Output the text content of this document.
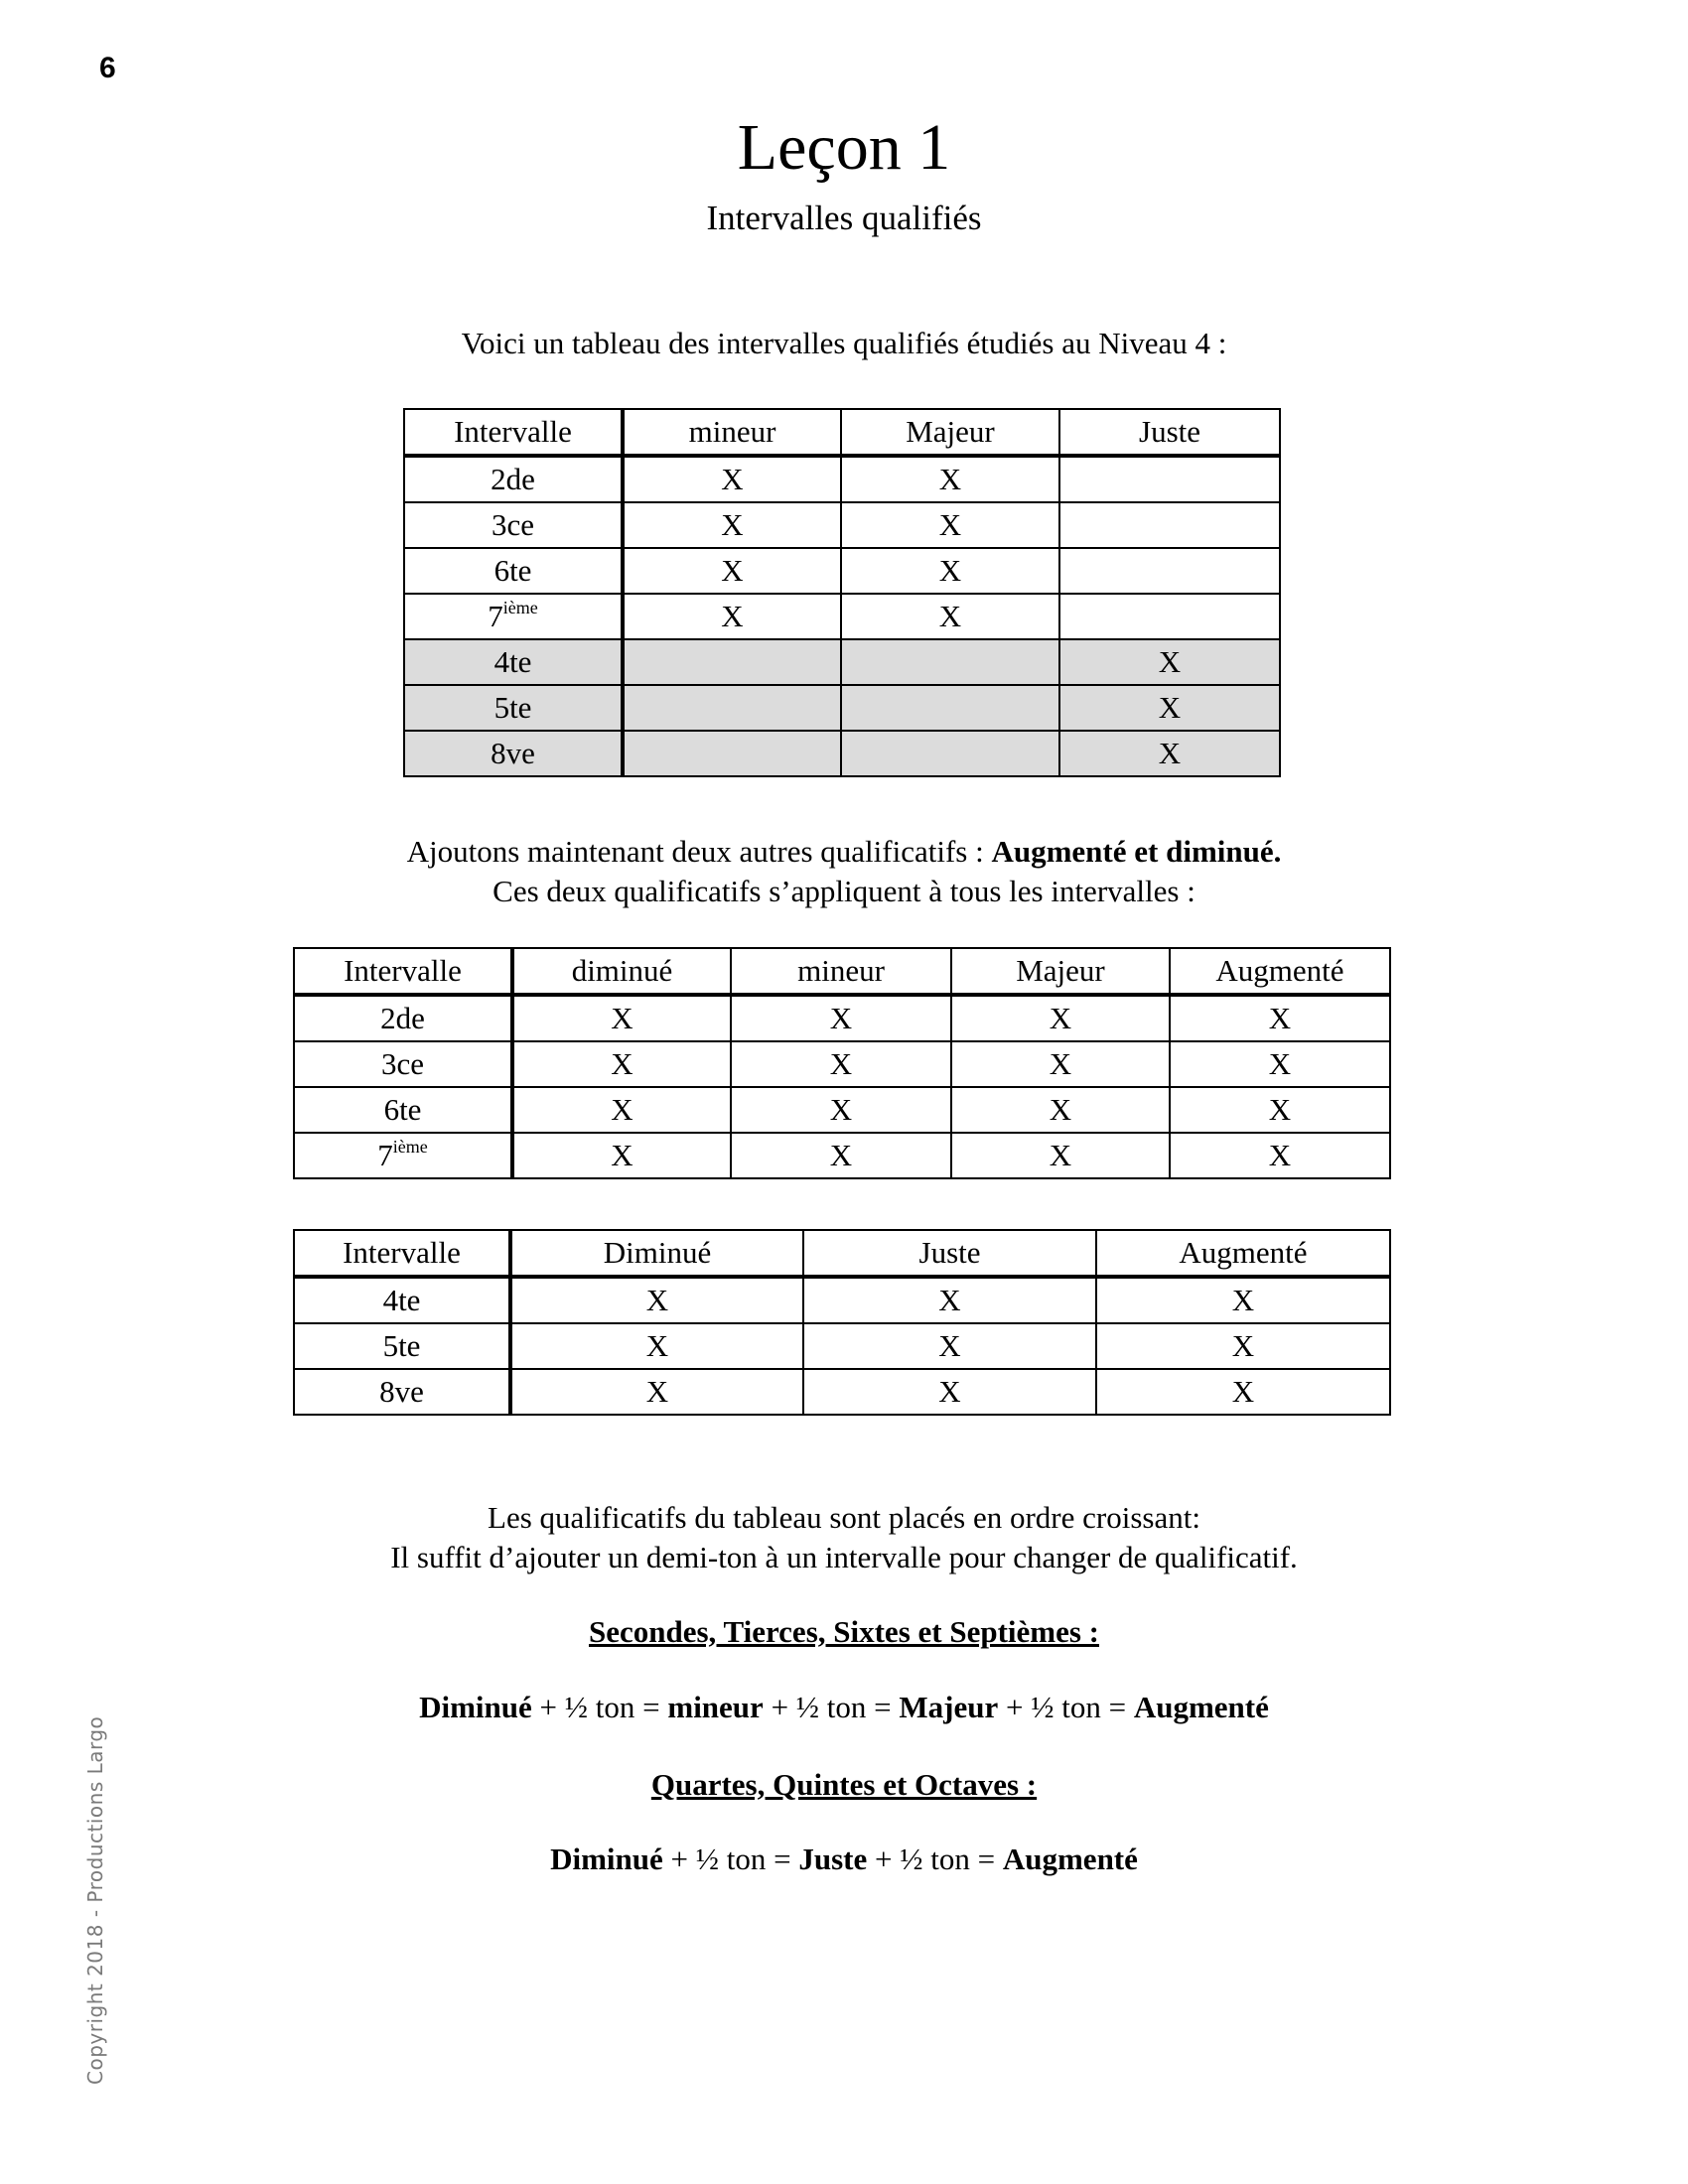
6
Copyright 2018 - Productions Largo
Leçon 1
Intervalles qualifiés
Voici un tableau des intervalles qualifiés étudiés au Niveau 4 :
Intervalle	mineur	Majeur	Juste
2de	X	X	
3ce	X	X	
6te	X	X	
7ième	X	X	
4te			X
5te			X
8ve			X
Ajoutons maintenant deux autres qualificatifs : Augmenté et diminué.
Ces deux qualificatifs s’appliquent à tous les intervalles :
Intervalle	diminué	mineur	Majeur	Augmenté
2de	X	X	X	X
3ce	X	X	X	X
6te	X	X	X	X
7ième	X	X	X	X
Intervalle	Diminué	Juste	Augmenté
4te	X	X	X
5te	X	X	X
8ve	X	X	X
Les qualificatifs du tableau sont placés en ordre croissant:
Il suffit d’ajouter un demi-ton à un intervalle pour changer de qualificatif.
Secondes, Tierces, Sixtes et Septièmes :
Diminué + ½ ton = mineur + ½ ton = Majeur + ½ ton = Augmenté
Quartes, Quintes et Octaves :
Diminué + ½ ton = Juste + ½ ton = Augmenté
